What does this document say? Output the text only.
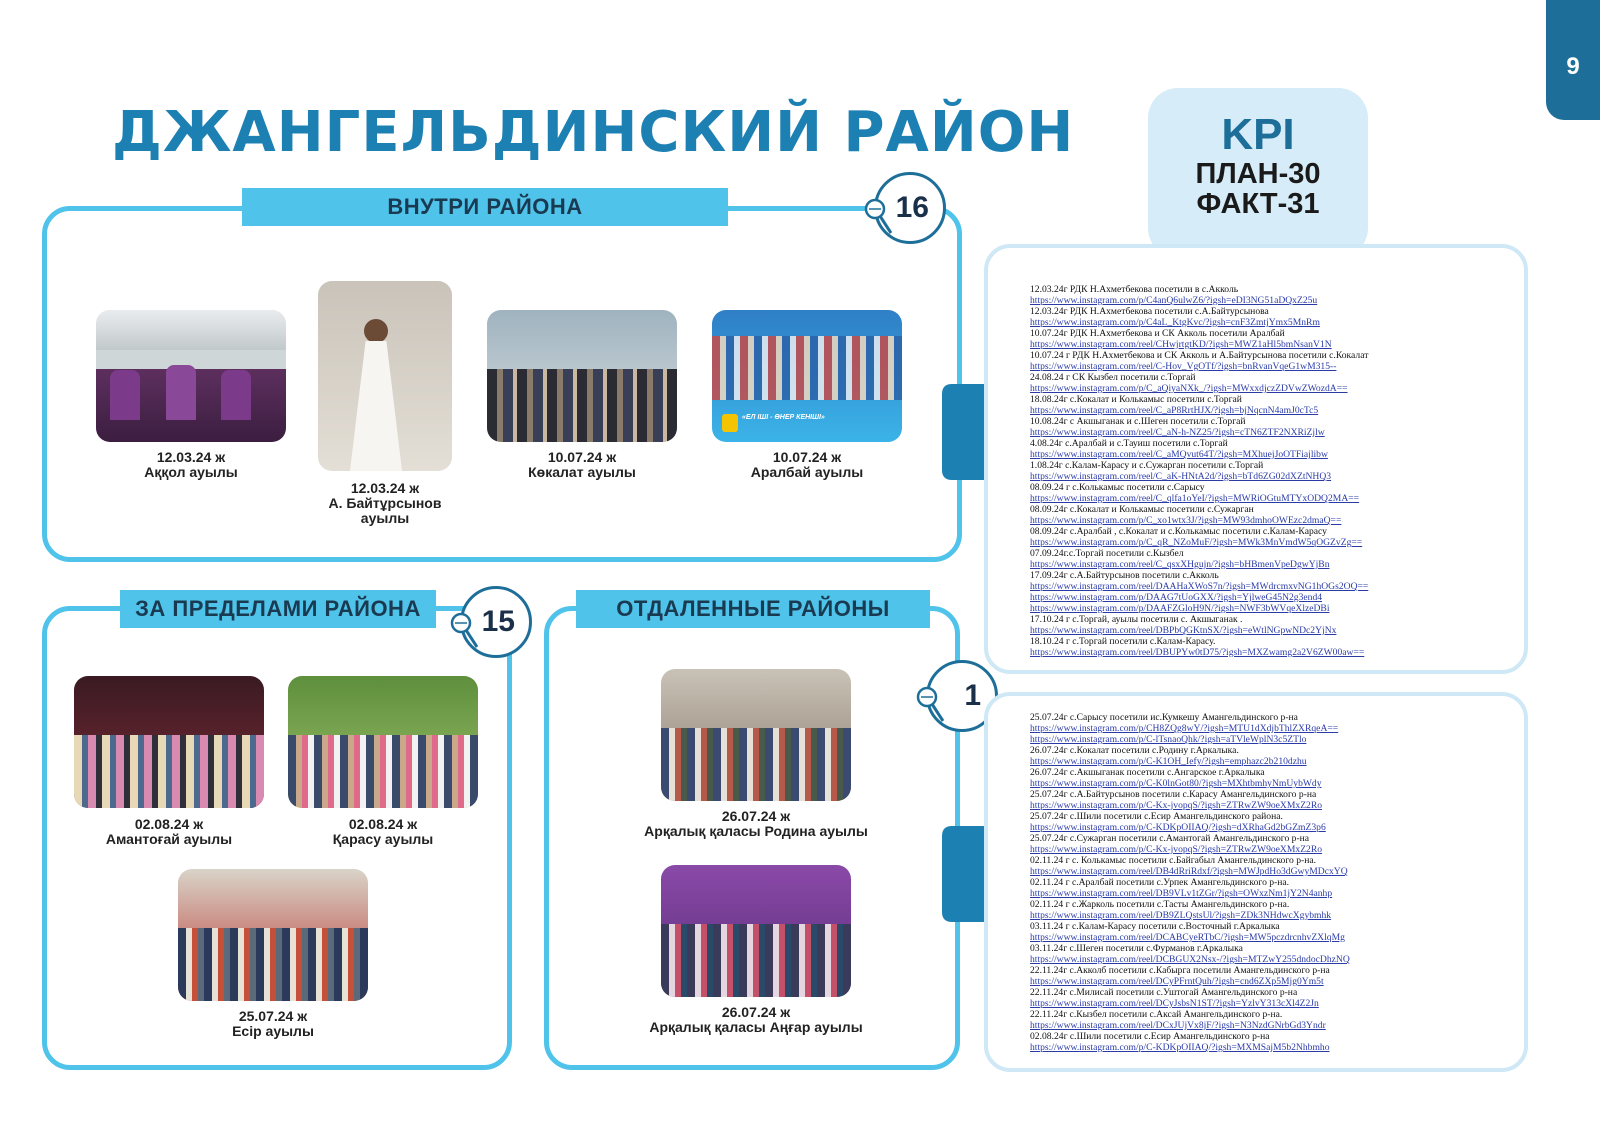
9
ДЖАНГЕЛЬДИНСКИЙ РАЙОН	KPI
ПЛАН-30
ФАКТ-31
ВНУТРИ РАЙОНА	16
12.03.24 ж
Аққол ауылы
12.03.24 ж
А. Байтұрсынов ауылы
10.07.24 ж
Көкалат ауылы
«ЕЛ ІШІ - ӨНЕР КЕНІШІ»
10.07.24 ж
Аралбай ауылы
ЗА ПРЕДЕЛАМИ РАЙОНА	15
02.08.24 ж
Амантоғай ауылы
02.08.24 ж
Қарасу ауылы
25.07.24 ж
Есір ауылы
ОТДАЛЕННЫЕ РАЙОНЫ
1
26.07.24 ж
Арқалық қаласы Родина ауылы
26.07.24 ж
Арқалық қаласы Аңғар ауылы
12.03.24г РДК Н.Ахметбекова посетили в с.Акколь
https://www.instagram.com/p/C4anQ6ulwZ6/?igsh=eDI3NG51aDQxZ25u
12.03.24г РДК Н.Ахметбекова посетили с.А.Байтурсынова
https://www.instagram.com/p/C4aL_KtgKvc/?igsh=cnF3ZmtjYmx5MnRm
10.07.24г РДК Н.Ахметбекова и СК Акколь посетили Аралбай
https://www.instagram.com/reel/CHwjrtgtKD/?igsh=MWZ1aHl5bmNsanV1N
10.07.24 г РДК Н.Ахметбекова и СК Акколь и А.Байтурсынова посетили с.Кокалат
https://www.instagram.com/reel/C-Hov_VgOTf/?igsh=bnRvanVqeG1wM315--
24.08.24 г СК Кызбел посетили с.Торгай
https://www.instagram.com/p/C_aQiyaNXk_/?igsh=MWxxdjczZDVwZWozdA==
18.08.24г с.Кокалат и Колькамыс посетили с.Торгай
https://www.instagram.com/reel/C_aP8RrtHJX/?igsh=bjNqcnN4amJ0cTc5
10.08.24г с Акшыганак и с.Шеген посетили с.Торгай
https://www.instagram.com/reel/C_aN-h-NZ25/?igsh=cTN6ZTF2NXRiZjlw
4.08.24г с.Аралбай и с.Тауиш посетили с.Торгай
https://www.instagram.com/reel/C_aMQvut64T/?igsh=MXhuejJoOTFiajlibw
1.08.24г с.Калам-Карасу и с.Сужарган посетили с.Торгай
https://www.instagram.com/reel/C_aK-HNtA2d/?igsh=bTd6ZG02dXZtNHQ3
08.09.24 г с.Колькамыс посетили с.Сарысу
https://www.instagram.com/reel/C_qlfa1oYeI/?igsh=MWRiOGtuMTYxODQ2MA==
08.09.24г с.Кокалат и Колькамыс посетили с.Сужарган
https://www.instagram.com/p/C_xo1wtx3J/?igsh=MW93dmhoOWEzc2dmaQ==
08.09.24г с.Аралбай , с.Кокалат и с.Колькамыс посетили с.Калам-Карасу
https://www.instagram.com/p/C_qR_NZoMuF/?igsh=MWk3MnVmdW5qOGZvZg==
07.09.24г.с.Торгай посетили с.Кызбел
https://www.instagram.com/reel/C_qsxXHgujn/?igsh=bHBmenVpeDgwYjBn
17.09.24г с.А.Байтурсынов посетили с.Акколь
https://www.instagram.com/reel/DAAHaXWoS7n/?igsh=MWdrcmxvNG1hOGs2OQ==
https://www.instagram.com/p/DAAG7tUoGXX/?igsh=YjlweG45N2g3end4
https://www.instagram.com/p/DAAFZGloH9N/?igsh=NWF3bWVqeXlzeDBi
17.10.24 г с.Торгай, ауылы посетили с. Акшыганак .
https://www.instagram.com/reel/DBPbQGKtnSX/?igsh=eWtlNGpwNDc2YjNx
18.10.24 г с.Торгай посетили с.Калам-Карасу.
https://www.instagram.com/reel/DBUPYw0tD75/?igsh=MXZwamg2a2V6ZW00aw==
25.07.24г с.Сарысу посетили ис.Кумкешу Амангельдинского р-на
https://www.instagram.com/p/CH8ZQg8wY/?igsh=MTU1dXdjbThlZXRqeA==
https://www.instagram.com/p/C-lTsnaoQhk/?igsh=aTVleWplN3c5ZTlo
26.07.24г с.Кокалат посетили с.Родину г.Аркалыка.
https://www.instagram.com/p/C-K1OH_Iefy/?igsh=emphazc2b210dzhu
26.07.24г с.Акшыганак посетили с.Ангарское г.Аркалыка
https://www.instagram.com/p/C-K0lnGot80/?igsh=MXhtbmhyNmUybWdy
25.07.24г с.А.Байтурсынов посетили с.Карасу Амангельдинского р-на
https://www.instagram.com/p/C-Kx-jvopqS/?igsh=ZTRwZW9oeXMxZ2Ro
25.07.24г с.Шили посетили с.Есир Амангельдинского района.
https://www.instagram.com/p/C-KDKpOIIAQ/?igsh=dXRhaGd2bGZmZ3p6
25.07.24г с.Сужарган посетили с.Амантогай Амангельдинского р-на
https://www.instagram.com/p/C-Kx-jvopqS/?igsh=ZTRwZW9oeXMxZ2Ro
02.11.24 г с. Колькамыс посетили с.Байгабыл Амангельдинского р-на.
https://www.instagram.com/reel/DB4dRriRdxf/?igsh=MWJpdHo3dGwyMDcxYQ
02.11.24 г с.Аралбай посетили с.Урпек Амангельдинского р-на.
https://www.instagram.com/reel/DB9VLv1tZGr/?igsh=OWxzNm1jY2N4anhp
02.11.24 г с.Жарколь посетили с.Тасты Амангельдинского р-на.
https://www.instagram.com/reel/DB9ZLQstsUl/?igsh=ZDk3NHdwcXgybmhk
03.11.24 г с.Калам-Карасу посетили с.Восточный г.Аркалыка
https://www.instagram.com/reel/DCABCyeRTbC/?igsh=MW5pczdrcnhvZXlqMg
03.11.24г с.Шеген посетили с.Фурманов г.Аркалыка
https://www.instagram.com/reel/DCBGUX2Nsx-/?igsh=MTZwY255dndocDhzNQ
22.11.24г с.Акколб посетили с.Кабырга посетили Амангельдинского р-на
https://www.instagram.com/reel/DCyPFrntQuh/?igsh=cnd6ZXp5Mjg0Ym5t
22.11.24г с.Милисай посетили с.Уштогай Амангельдинского р-на
https://www.instagram.com/reel/DCyJsbsN1ST/?igsh=YzlvY313cXl4Z2Jn
22.11.24г с.Кызбел посетили с.Аксай Амангельдинского р-на.
https://www.instagram.com/reel/DCxJUjVx8jF/?igsh=N3NzdGNrbGd3Yndr
02.08.24г с.Шили посетили с.Есир Амангельдинского р-на
https://www.instagram.com/p/C-KDKpOIIAQ/?igsh=MXMSajM5b2Nhbmho
